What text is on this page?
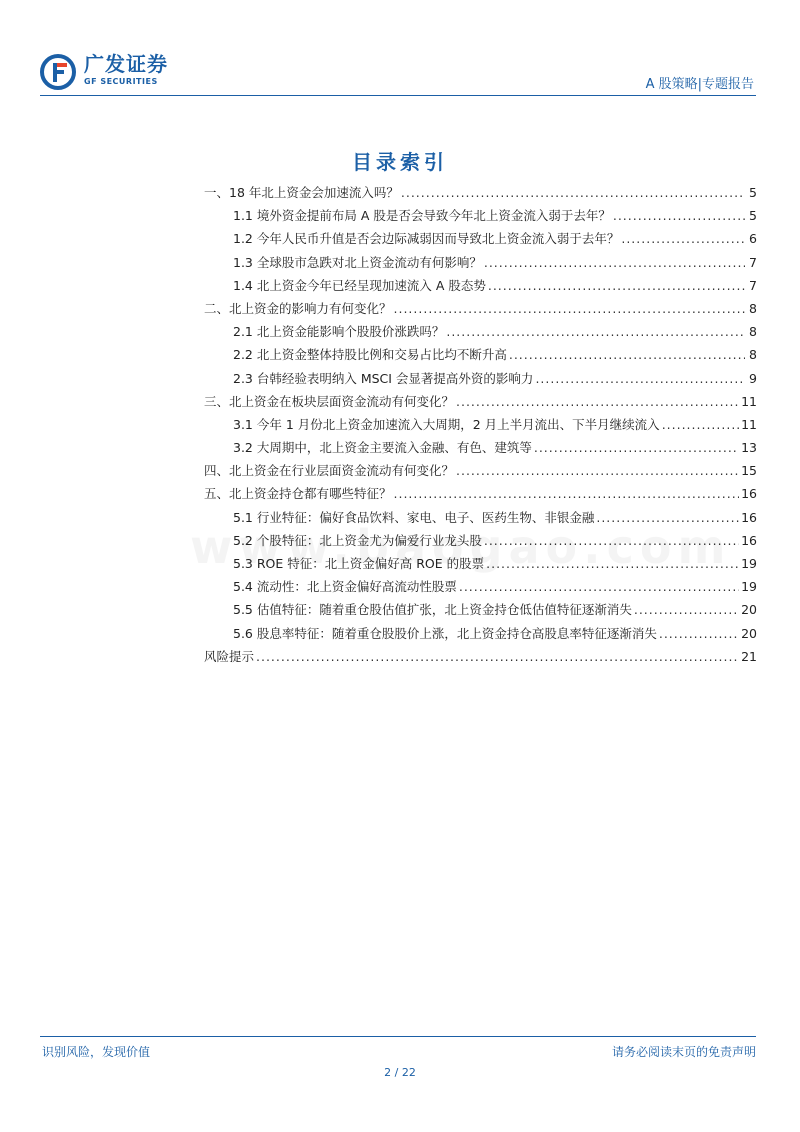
广发证券
GF SECURITIES	A 股策略|专题报告
目录索引
一、18 年北上资金会加速流入吗？ .....	5
1.1 境外资金提前布局 A 股是否会导致今年北上资金流入弱于去年？ .....	5
1.2 今年人民币升值是否会边际减弱因而导致北上资金流入弱于去年？ .....	6
1.3 全球股市急跌对北上资金流动有何影响？ .....	7
1.4 北上资金今年已经呈现加速流入 A 股态势 .....	7
二、北上资金的影响力有何变化？ .....	8
2.1 北上资金能影响个股股价涨跌吗？ .....	8
2.2 北上资金整体持股比例和交易占比均不断升高 .....	8
2.3 台韩经验表明纳入 MSCI 会显著提高外资的影响力 .....	9
三、北上资金在板块层面资金流动有何变化？ .....	11
3.1 今年 1 月份北上资金加速流入大周期，2 月上半月流出、下半月继续流入 .....	11
3.2 大周期中，北上资金主要流入金融、有色、建筑等 .....	13
四、北上资金在行业层面资金流动有何变化？ .....	15
五、北上资金持仓都有哪些特征？ .....	16
5.1 行业特征：偏好食品饮料、家电、电子、医药生物、非银金融 .....	16
5.2 个股特征：北上资金尤为偏爱行业龙头股 .....	16
5.3 ROE 特征：北上资金偏好高 ROE 的股票 .....	19
5.4 流动性：北上资金偏好高流动性股票 .....	19
5.5 估值特征：随着重仓股估值扩张，北上资金持仓低估值特征逐渐消失 .....	20
5.6 股息率特征：随着重仓股股价上涨，北上资金持仓高股息率特征逐渐消失 .....	20
风险提示 .....	21
识别风险，发现价值	请务必阅读末页的免责声明
2 / 22
